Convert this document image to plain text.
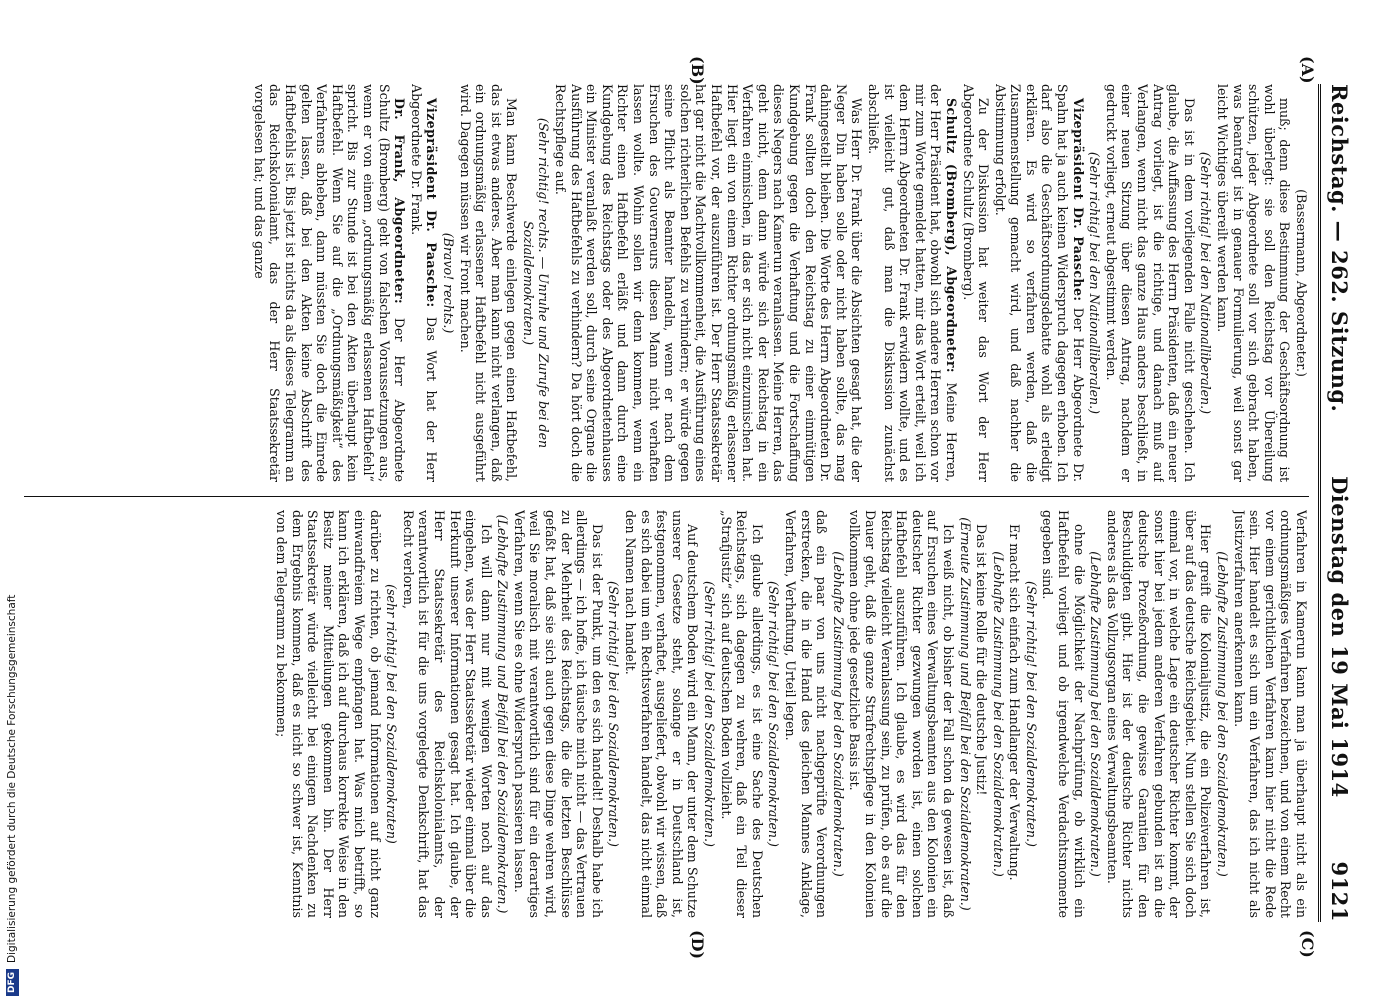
Reichstag. — 262. Sitzung.
Dienstag den 19 Mai 1914
9121
(A)
(B)
(C)
(D)

(Bassermann, Abgeordneter.)

muß; denn diese Bestimmung der Geschäftsordnung ist wohl überlegt: sie soll den Reichstag vor Übereilung schützen, jeder Abgeordnete soll vor sich gebracht haben, was beantragt ist in genauer Formulierung, weil sonst gar leicht Wichtiges übereilt werden kann.

(Sehr richtig! bei den Nationalliberalen.)

Das ist in dem vorliegenden Falle nicht geschehen. Ich glaube, die Auffassung des Herrn Präsidenten, daß ein neuer Antrag vorliegt, ist die richtige, und danach muß auf Verlangen, wenn nicht das ganze Haus anders beschließt, in einer neuen Sitzung über diesen Antrag, nachdem er gedruckt vorliegt, erneut abgestimmt werden.

(Sehr richtig! bei den Nationalliberalen.)

Vizepräsident Dr. Paasche: Der Herr Abgeordnete Dr. Spahn hat ja auch keinen Widerspruch dagegen erhoben. Ich darf also die Geschäftsordnungsdebatte wohl als erledigt erklären. Es wird so verfahren werden, daß die Zusammenstellung gemacht wird, und daß nachher die Abstimmung erfolgt.

Zu der Diskussion hat weiter das Wort der Herr Abgeordnete Schultz (Bromberg).

Schultz (Bromberg), Abgeordneter: Meine Herren, der Herr Präsident hat, obwohl sich andere Herren schon vor mir zum Worte gemeldet hatten, mir das Wort erteilt, weil ich dem Herrn Abgeordneten Dr. Frank erwidern wollte, und es ist vielleicht gut, daß man die Diskussion zunächst abschließt.

Was Herr Dr. Frank über die Absichten gesagt hat, die der Neger Din haben solle oder nicht haben sollte, das mag dahingestellt bleiben. Die Worte des Herrn Abgeordneten Dr. Frank sollten doch den Reichstag zu einer einmütigen Kundgebung gegen die Verhaftung und die Fortschaffung dieses Negers nach Kamerun veranlassen. Meine Herren, das geht nicht, denn dann würde sich der Reichstag in ein Verfahren einmischen, in das er sich nicht einzumischen hat. Hier liegt ein von einem Richter ordnungsmäßig erlassener Haftbefehl vor, der auszuführen ist. Der Herr Staatssekretär hat gar nicht die Machtvollkommenheit, die Ausführung eines solchen richterlichen Befehls zu verhindern; er würde gegen seine Pflicht als Beamter handeln, wenn er nach dem Ersuchen des Gouverneurs diesen Mann nicht verhaften lassen wollte. Wohin sollen wir denn kommen, wenn ein Richter einen Haftbefehl erläßt und dann durch eine Kundgebung des Reichstags oder des Abgeordnetenhauses ein Minister veranlaßt werden soll, durch seine Organe die Ausführung des Haftbefehls zu verhindern? Da hört doch die Rechtspflege auf.

(Sehr richtig! rechts. — Unruhe und Zurufe bei den Sozialdemokraten.)

Man kann Beschwerde einlegen gegen einen Haftbefehl, das ist etwas anderes. Aber man kann nicht verlangen, daß ein ordnungsmäßig erlassener Haftbefehl nicht ausgeführt wird. Dagegen müssen wir Front machen.

(Bravo! rechts.)

Vizepräsident Dr. Paasche: Das Wort hat der Herr Abgeordnete Dr. Frank.

Dr. Frank, Abgeordneter: Der Herr Abgeordnete Schultz (Bromberg) geht von falschen Voraussetzungen aus, wenn er von einem „ordnungsmäßig erlassenen Haftbefehl“ spricht. Bis zur Stunde ist bei den Akten überhaupt kein Haftbefehl. Wenn Sie auf die „Ordnungsmäßigkeit“ des Verfahrens abheben, dann müssten Sie doch die Einrede gelten lassen, daß bei den Akten keine Abschrift des Haftbefehls ist. Bis jetzt ist nichts da als dieses Telegramm an das Reichskolonialamt, das der Herr Staatssekretär vorgelesen hat; und das ganze

Verfahren in Kamerun kann man ja überhaupt nicht als ein ordnungsmäßiges Verfahren bezeichnen, und von einem Recht vor einem gerichtlichen Verfahren kann hier nicht die Rede sein. Hier handelt es sich um ein Verfahren, das ich nicht als Justizverfahren anerkennen kann.

(Lebhafte Zustimmung bei den Sozialdemokraten.)

Hier greift die Kolonialjustiz, die ein Polizeiverfahren ist, über auf das deutsche Reichsgebiet. Nun stellen Sie sich doch einmal vor, in welche Lage ein deutscher Richter kommt, der sonst hier bei jedem anderen Verfahren gebunden ist an die deutsche Prozeßordnung, die gewisse Garantien für den Beschuldigten gibt. Hier ist der deutsche Richter nichts anderes als das Vollzugsorgan eines Verwaltungsbeamten.

(Lebhafte Zustimmung bei den Sozialdemokraten.)

ohne die Möglichkeit der Nachprüfung, ob wirklich ein Haftbefehl vorliegt und ob irgendwelche Verdachtsmomente gegeben sind.

(Sehr richtig! bei den Sozialdemokraten.)

Er macht sich einfach zum Handlanger der Verwaltung.

(Lebhafte Zustimmung bei den Sozialdemokraten.)

Das ist keine Rolle für die deutsche Justiz!

(Erneute Zustimmung und Beifall bei den Sozialdemokraten.)

Ich weiß nicht, ob bisher der Fall schon da gewesen ist, daß auf Ersuchen eines Verwaltungsbeamten aus den Kolonien ein deutscher Richter gezwungen worden ist, einen solchen Haftbefehl auszuführen. Ich glaube, es wird das für den Reichstag vielleicht Veranlassung sein, zu prüfen, ob es auf die Dauer geht, daß die ganze Strafrechtspflege in den Kolonien vollkommen ohne jede gesetzliche Basis ist.

(Lebhafte Zustimmung bei den Sozialdemokraten.)

daß ein paar von uns nicht nachgeprüfte Verordnungen erstrecken, die in die Hand des gleichen Mannes Anklage, Verfahren, Verhaftung, Urteil legen.

(Sehr richtig! bei den Sozialdemokraten.)

Ich glaube allerdings, es ist eine Sache des Deutschen Reichstags, sich dagegen zu wehren, daß ein Teil dieser „Strafjustiz“ sich auf deutschen Boden vollzieht.

(Sehr richtig! bei den Sozialdemokraten.)

Auf deutschem Boden wird ein Mann, der unter dem Schutze unserer Gesetze steht, solange er in Deutschland ist, festgenommen, verhaftet, ausgeliefert, obwohl wir wissen, daß es sich dabei um ein Rechtsverfahren handelt, das nicht einmal den Namen nach handelt.

(Sehr richtig! bei den Sozialdemokraten.)

Das ist der Punkt, um den es sich handelt! Deshalb habe ich allerdings — ich hoffe, ich täusche mich nicht — das Vertrauen zu der Mehrheit des Reichstags, die die letzten Beschlüsse gefaßt hat, daß sie sich auch gegen diese Dinge wehren wird, weil Sie moralisch mit verantwortlich sind für ein derartiges Verfahren, wenn Sie es ohne Widerspruch passieren lassen.

(Lebhafte Zustimmung und Beifall bei den Sozialdemokraten.)

Ich will dann nur mit wenigen Worten noch auf das eingehen, was der Herr Staatssekretär wieder einmal über die Herkunft unserer Informationen gesagt hat. Ich glaube, der Herr Staatssekretär des Reichskolonialamts, der verantwortlich ist für die uns vorgelegte Denkschrift, hat das Recht verloren,

(sehr richtig! bei den Sozialdemokraten)

darüber zu richten, ob jemand Informationen auf nicht ganz einwandfreiem Wege empfangen hat. Was mich betrifft, so kann ich erklären, daß ich auf durchaus korrekte Weise in den Besitz meiner Mitteilungen gekommen bin. Der Herr Staatssekretär würde vielleicht bei einigem Nachdenken zu dem Ergebnis kommen, daß es nicht so schwer ist, Kenntnis von dem Telegramm zu bekommen;

DFG
Digitalisierung gefördert durch die Deutsche Forschungsgemeinschaft
